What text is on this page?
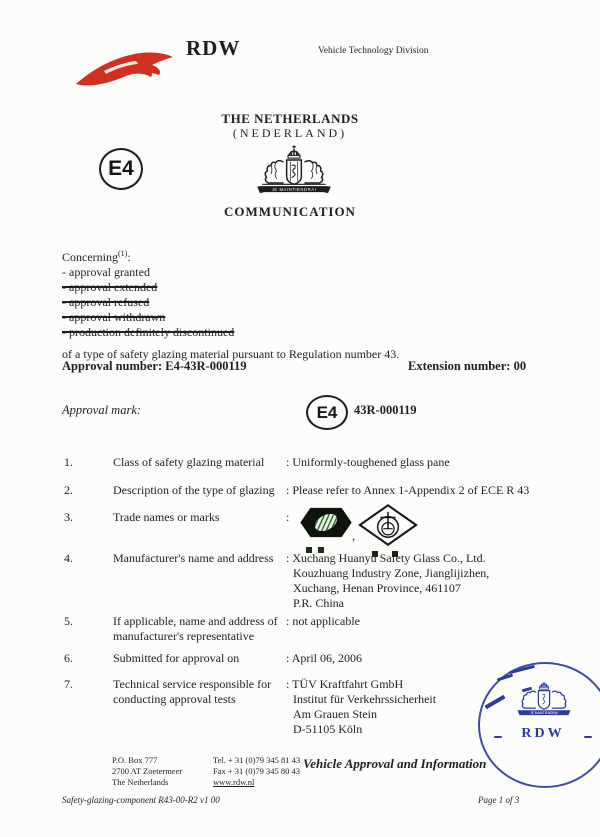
RDW	Vehicle Technology Division
THE NETHERLANDS
(NEDERLAND)
E4
JE MAINTIENDRAI
COMMUNICATION
Concerning$^{(1)}$:
- approval granted
- approval extended
- approval refused
- approval withdrawn
- production definitely discontinued
of a type of safety glazing material pursuant to Regulation number 43.
Approval number: E4-43R-000119	Extension number: 00
Approval mark:	E4 43R-000119
1.	Class of safety glazing material	: Uniformly-toughened glass pane
2.	Description of the type of glazing : Please refer to Annex 1-Appendix 2 of ECE R 43
3.	Trade names or marks	:
,
4.	Manufacturer's name and address	: Xuchang Huanyu Safety Glass Co., Ltd.
Kouzhuang Industry Zone, Jianglijizhen,
Xuchang, Henan Province, 461107
P.R. China
5.	If applicable, name and address of
manufacturer's representative
: not applicable
6.	Submitted for approval on	: April 06, 2006
7.	Technical service responsible for
conducting approval tests
: TÜV Kraftfahrt GmbH
Institut für Verkehrssicherheit
Am Grauen Stein
D-51105 Köln
JE MAINTIENDRAI
RDW
P.O. Box 777
2700 AT Zoetermeer
The Netherlands
Tel. + 31 (0)79 345 81 43
Fax + 31 (0)79 345 80 43
www.rdw.nl
Vehicle Approval and Information
Safety-glazing-component R43-00-R2 v1 00	Page 1 of 3
